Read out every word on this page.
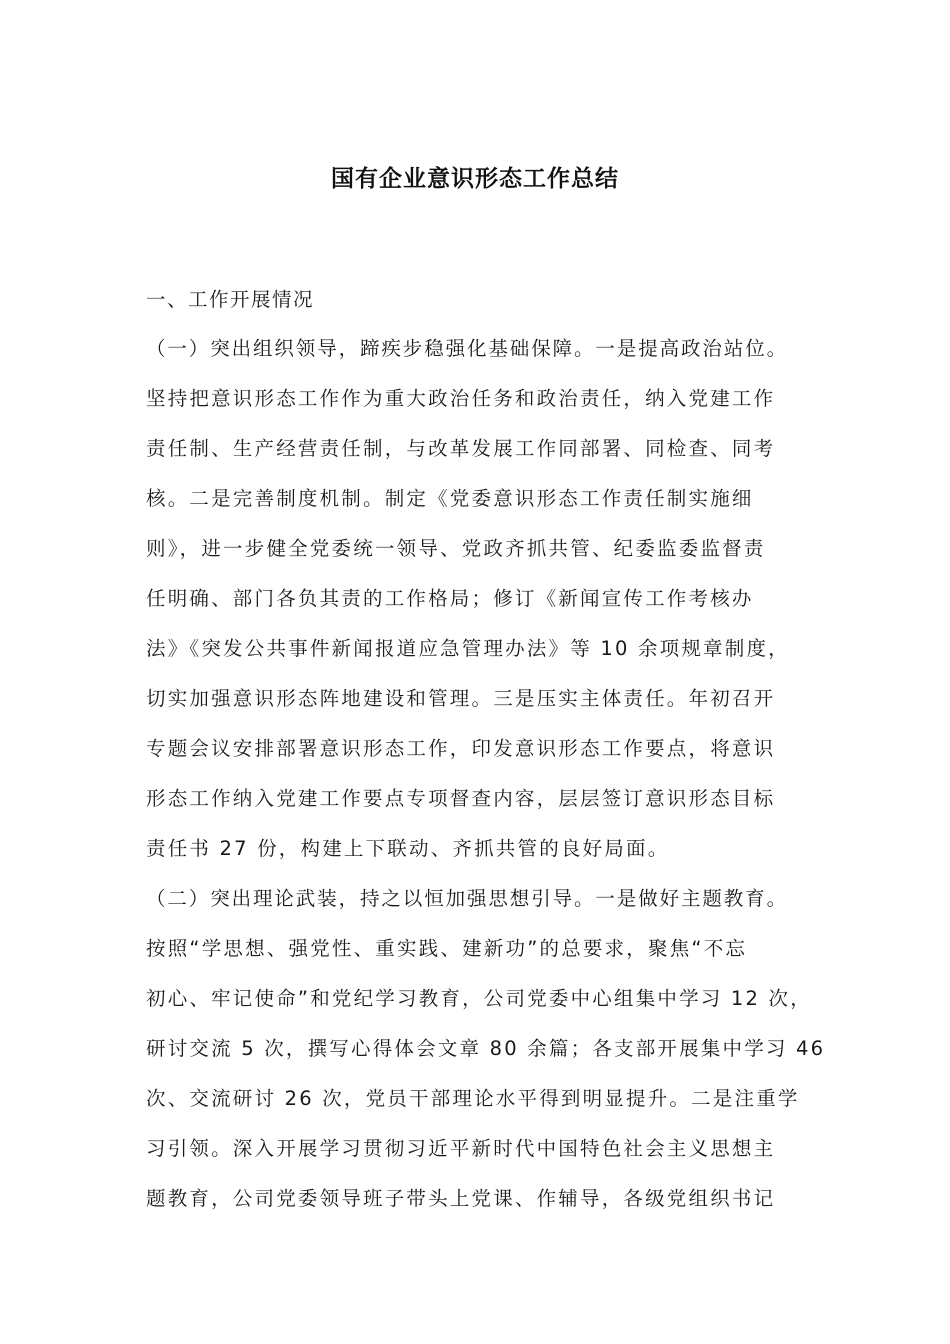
国有企业意识形态工作总结
一、工作开展情况
（一）突出组织领导，蹄疾步稳强化基础保障。一是提高政治站位。
坚持把意识形态工作作为重大政治任务和政治责任，纳入党建工作
责任制、生产经营责任制，与改革发展工作同部署、同检查、同考
核。二是完善制度机制。制定《党委意识形态工作责任制实施细
则》，进一步健全党委统一领导、党政齐抓共管、纪委监委监督责
任明确、部门各负其责的工作格局；修订《新闻宣传工作考核办
法》《突发公共事件新闻报道应急管理办法》等 10 余项规章制度，
切实加强意识形态阵地建设和管理。三是压实主体责任。年初召开
专题会议安排部署意识形态工作，印发意识形态工作要点，将意识
形态工作纳入党建工作要点专项督查内容，层层签订意识形态目标
责任书 27 份，构建上下联动、齐抓共管的良好局面。
（二）突出理论武装，持之以恒加强思想引导。一是做好主题教育。
按照“学思想、强党性、重实践、建新功”的总要求，聚焦“不忘
初心、牢记使命”和党纪学习教育，公司党委中心组集中学习 12 次，
研讨交流 5 次，撰写心得体会文章 80 余篇；各支部开展集中学习 46
次、交流研讨 26 次，党员干部理论水平得到明显提升。二是注重学
习引领。深入开展学习贯彻习近平新时代中国特色社会主义思想主
题教育，公司党委领导班子带头上党课、作辅导，各级党组织书记
